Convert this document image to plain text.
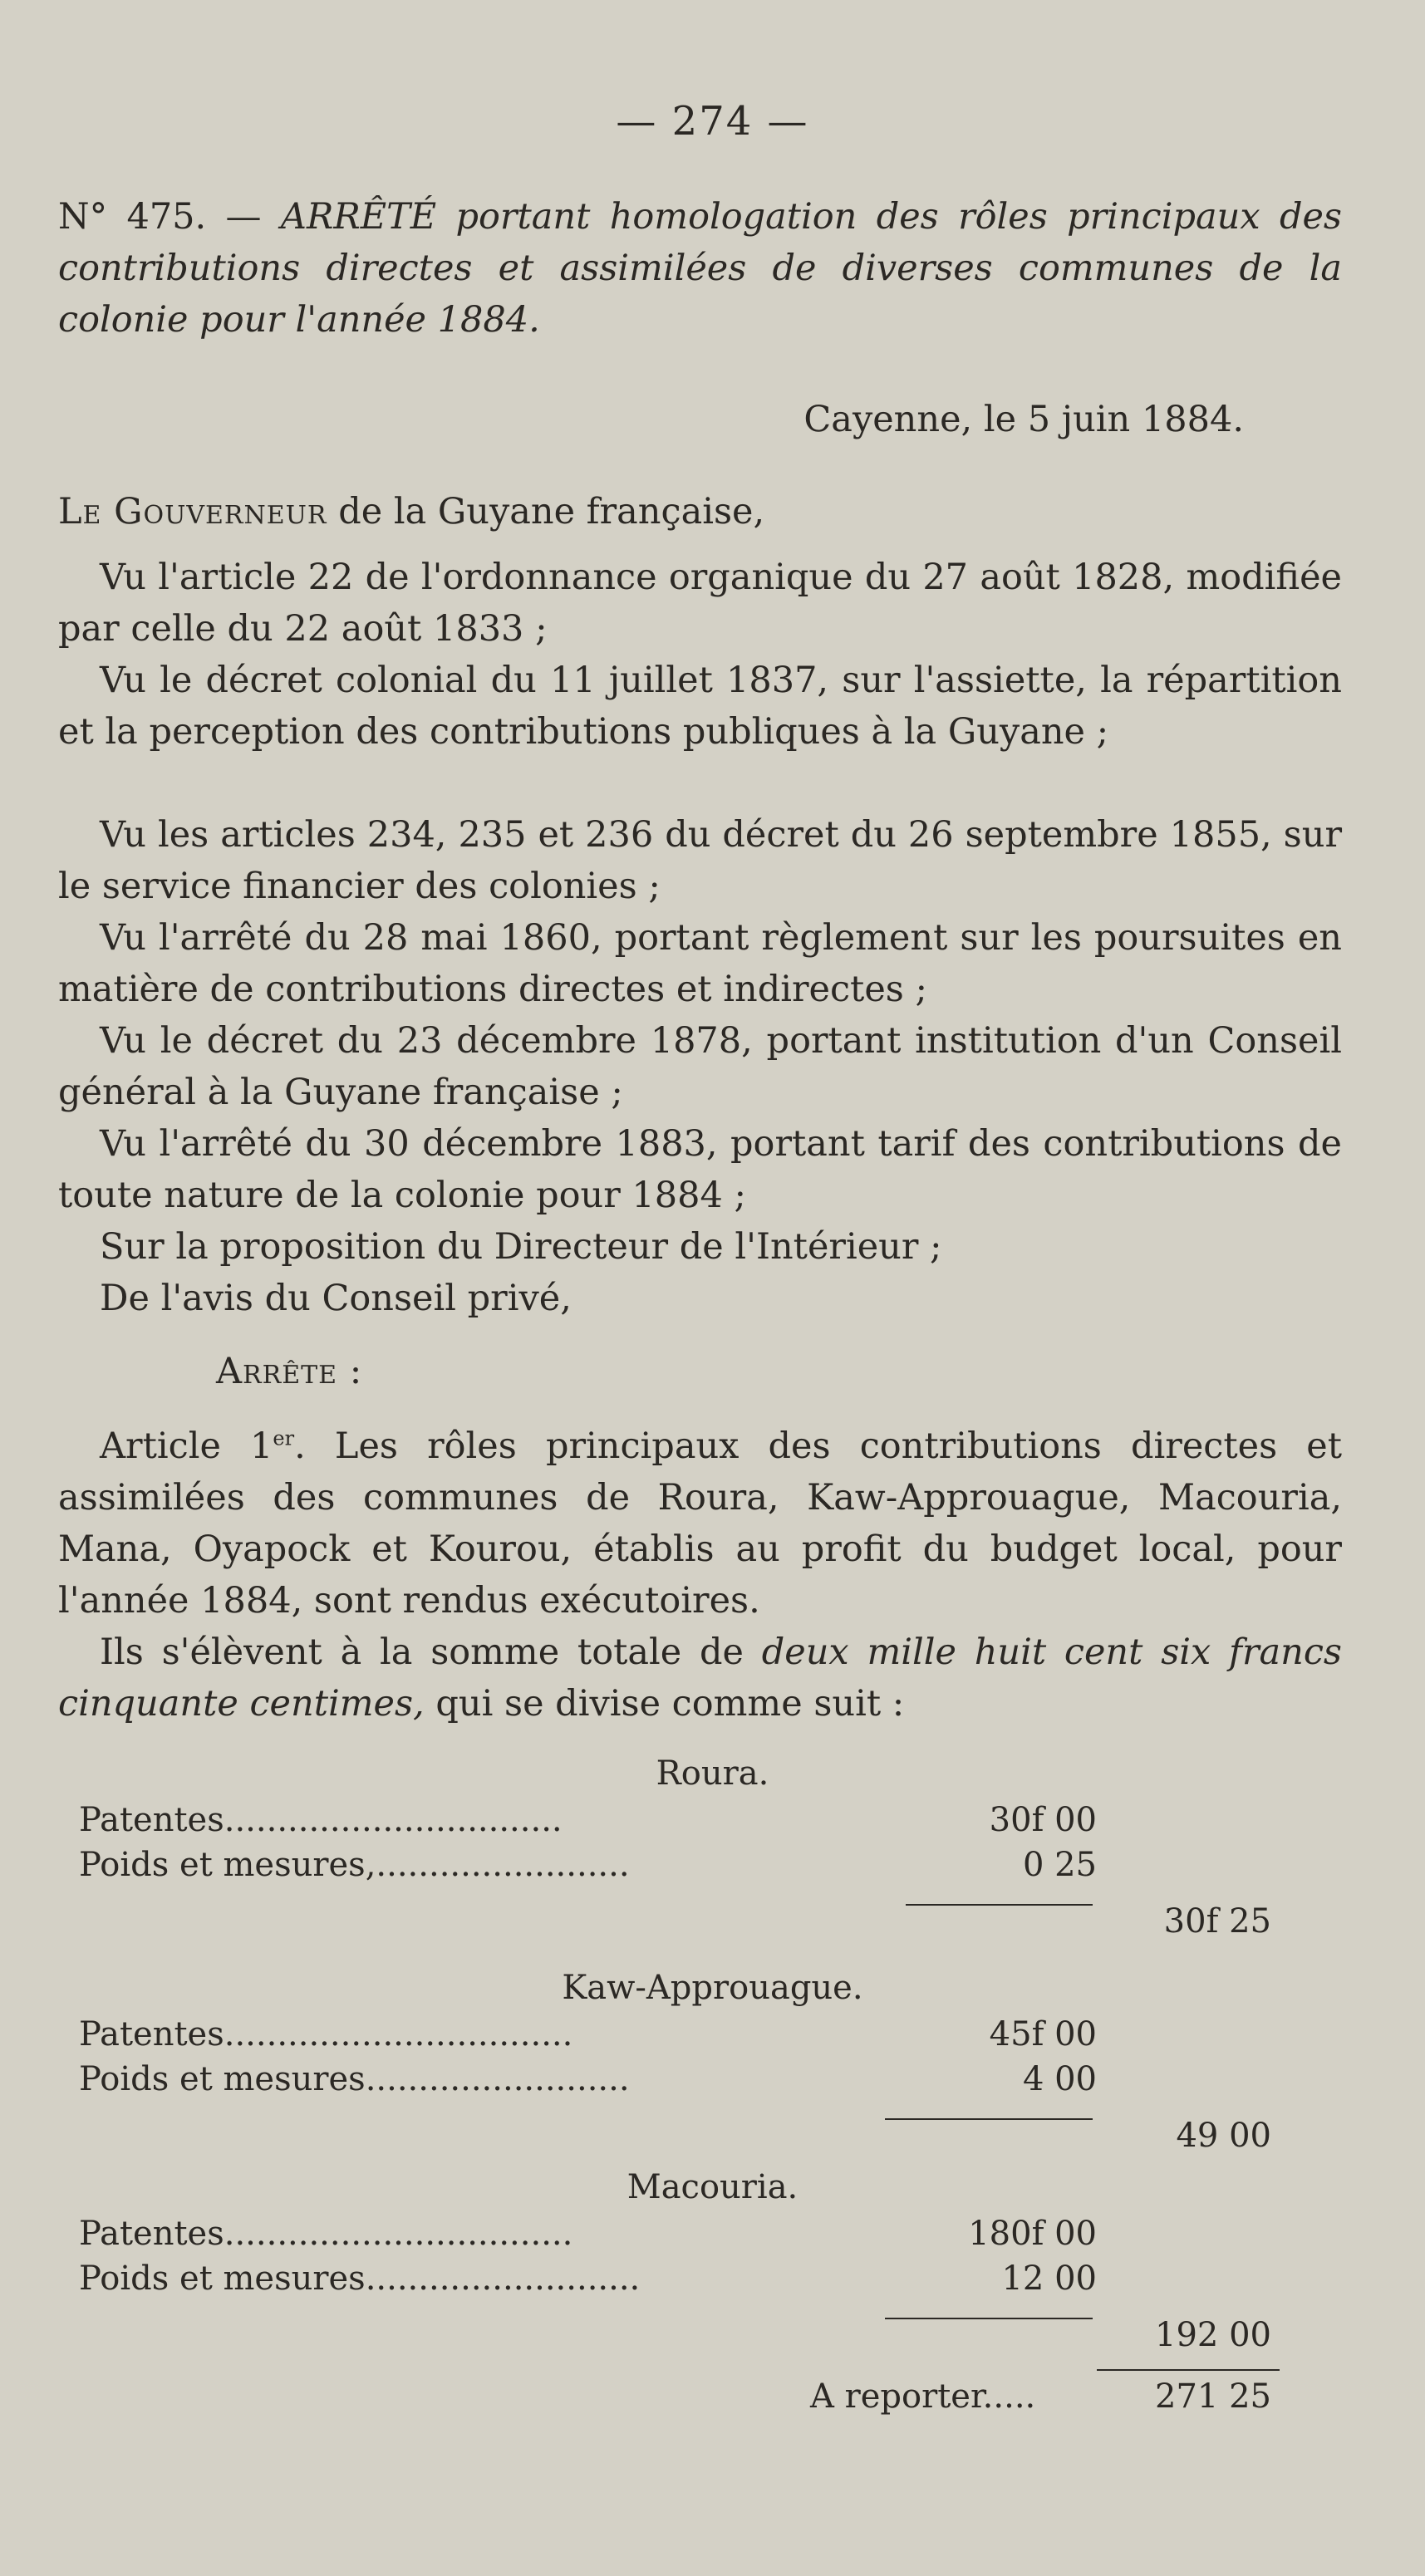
— 274 —
N° 475. — ARRÊTÉ portant homologation des rôles principaux des contributions directes et assimilées de diverses communes de la colonie pour l'année 1884.
Cayenne, le 5 juin 1884.
Le Gouverneur de la Guyane française,
Vu l'article 22 de l'ordonnance organique du 27 août 1828, modifiée par celle du 22 août 1833 ;
Vu le décret colonial du 11 juillet 1837, sur l'assiette, la répartition et la perception des contributions publiques à la Guyane ;
Vu les articles 234, 235 et 236 du décret du 26 septembre 1855, sur le service financier des colonies ;
Vu l'arrêté du 28 mai 1860, portant règlement sur les poursuites en matière de contributions directes et indirectes ;
Vu le décret du 23 décembre 1878, portant institution d'un Conseil général à la Guyane française ;
Vu l'arrêté du 30 décembre 1883, portant tarif des contributions de toute nature de la colonie pour 1884 ;
Sur la proposition du Directeur de l'Intérieur ;
De l'avis du Conseil privé,
Arrête :
Article 1er. Les rôles principaux des contributions directes et assimilées des communes de Roura, Kaw-Approuague, Macouria, Mana, Oyapock et Kourou, établis au profit du budget local, pour l'année 1884, sont rendus exécutoires.
Ils s'élèvent à la somme totale de deux mille huit cent six francs cinquante centimes, qui se divise comme suit :
Roura.
Patentes................................	30f 00
Poids et mesures,........................	0 25
30f 25
Kaw-Approuague.
Patentes.................................	45f 00
Poids et mesures.........................	4 00
49 00
Macouria.
Patentes.................................	180f 00
Poids et mesures..........................	12 00
192 00
A reporter.....	271 25
